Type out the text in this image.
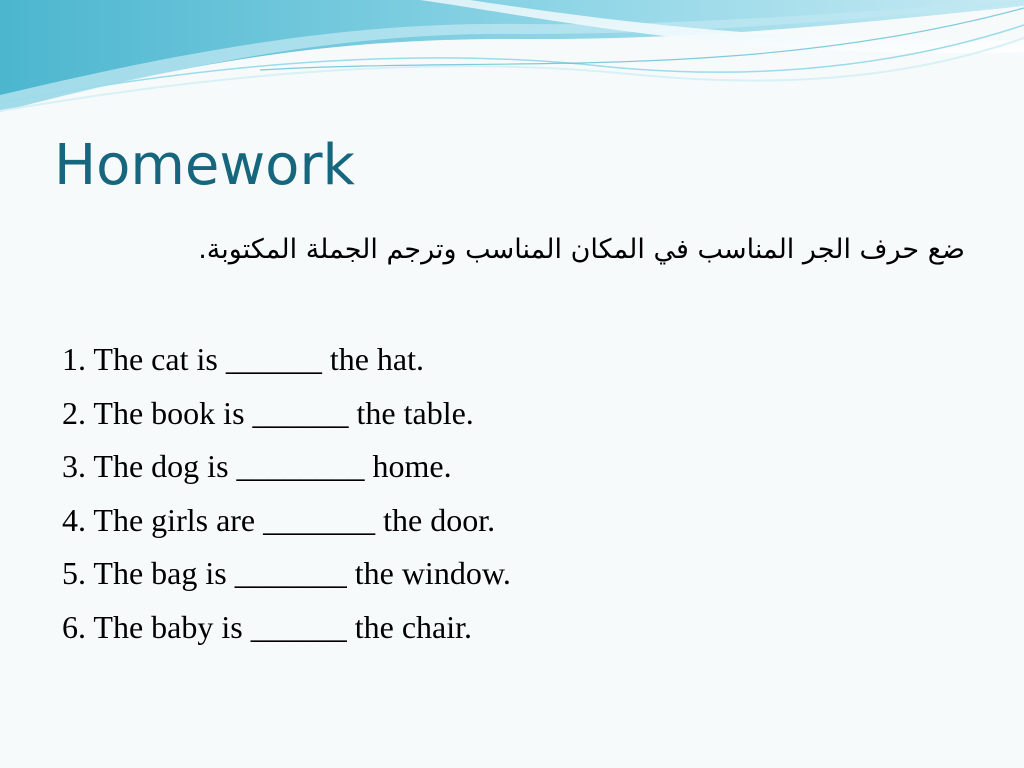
Homework

ضع حرف الجر المناسب في المكان المناسب وترجم الجملة المكتوبة.

1. The cat is ______ the hat.
2. The book is ______ the table.
3. The dog is ________ home.
4. The girls are _______ the door.
5. The bag is _______ the window.
6. The baby is ______ the chair.
